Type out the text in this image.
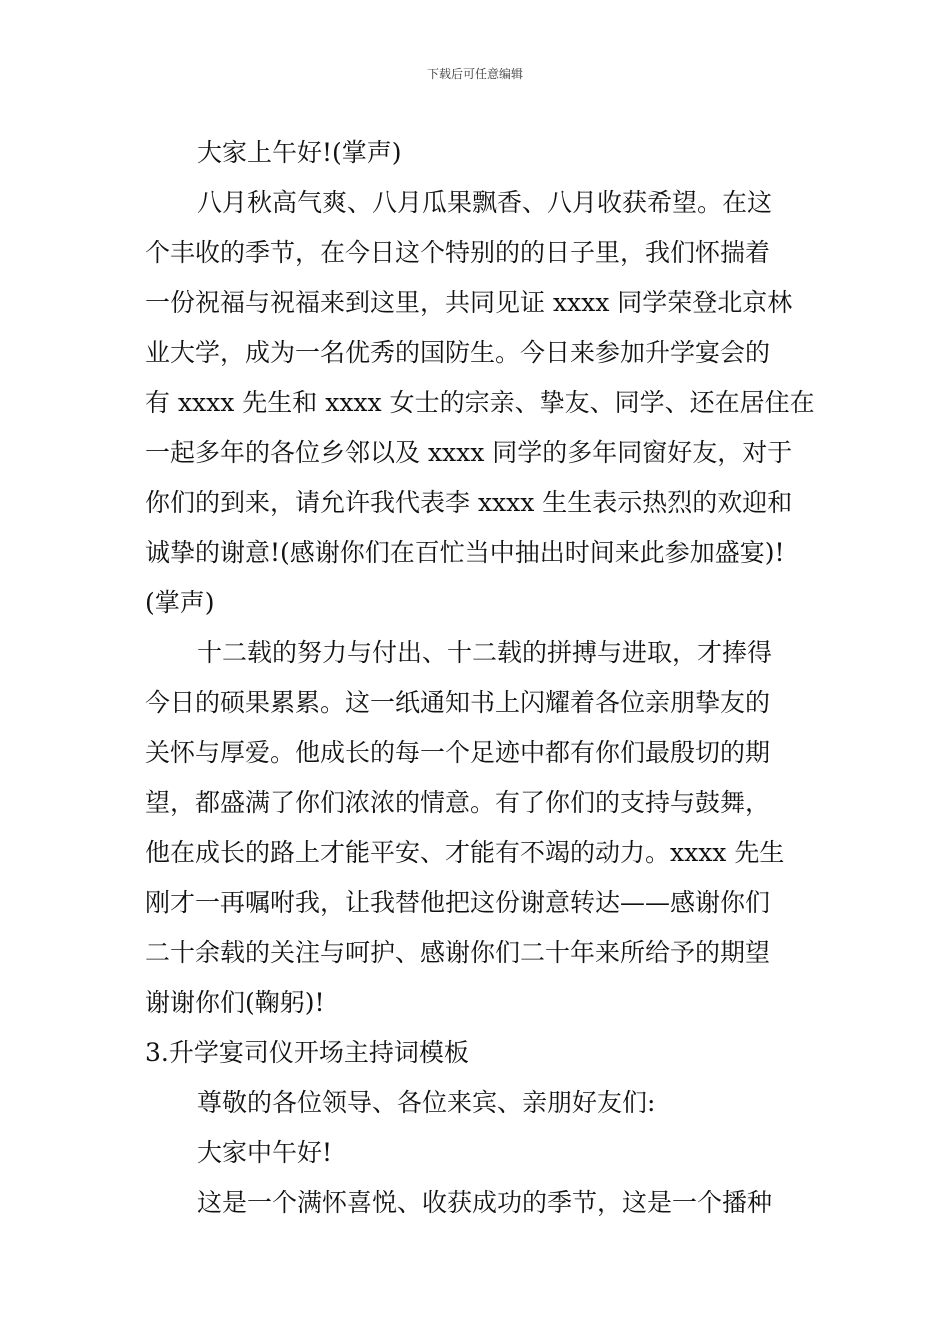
下载后可任意编辑
大家上午好!(掌声)
八月秋高气爽、八月瓜果飘香、八月收获希望。在这
个丰收的季节，在今日这个特别的的日子里，我们怀揣着
一份祝福与祝福来到这里，共同见证 xxxx 同学荣登北京林
业大学，成为一名优秀的国防生。今日来参加升学宴会的
有 xxxx 先生和 xxxx 女士的宗亲、挚友、同学、还在居住在
一起多年的各位乡邻以及 xxxx 同学的多年同窗好友，对于
你们的到来，请允许我代表李 xxxx 生生表示热烈的欢迎和
诚挚的谢意!(感谢你们在百忙当中抽出时间来此参加盛宴)!
(掌声)
十二载的努力与付出、十二载的拼搏与进取，才捧得
今日的硕果累累。这一纸通知书上闪耀着各位亲朋挚友的
关怀与厚爱。他成长的每一个足迹中都有你们最殷切的期
望，都盛满了你们浓浓的情意。有了你们的支持与鼓舞，
他在成长的路上才能平安、才能有不竭的动力。xxxx 先生
刚才一再嘱咐我，让我替他把这份谢意转达——感谢你们
二十余载的关注与呵护、感谢你们二十年来所给予的期望
谢谢你们(鞠躬)!
3.升学宴司仪开场主持词模板
尊敬的各位领导、各位来宾、亲朋好友们:
大家中午好!
这是一个满怀喜悦、收获成功的季节，这是一个播种
